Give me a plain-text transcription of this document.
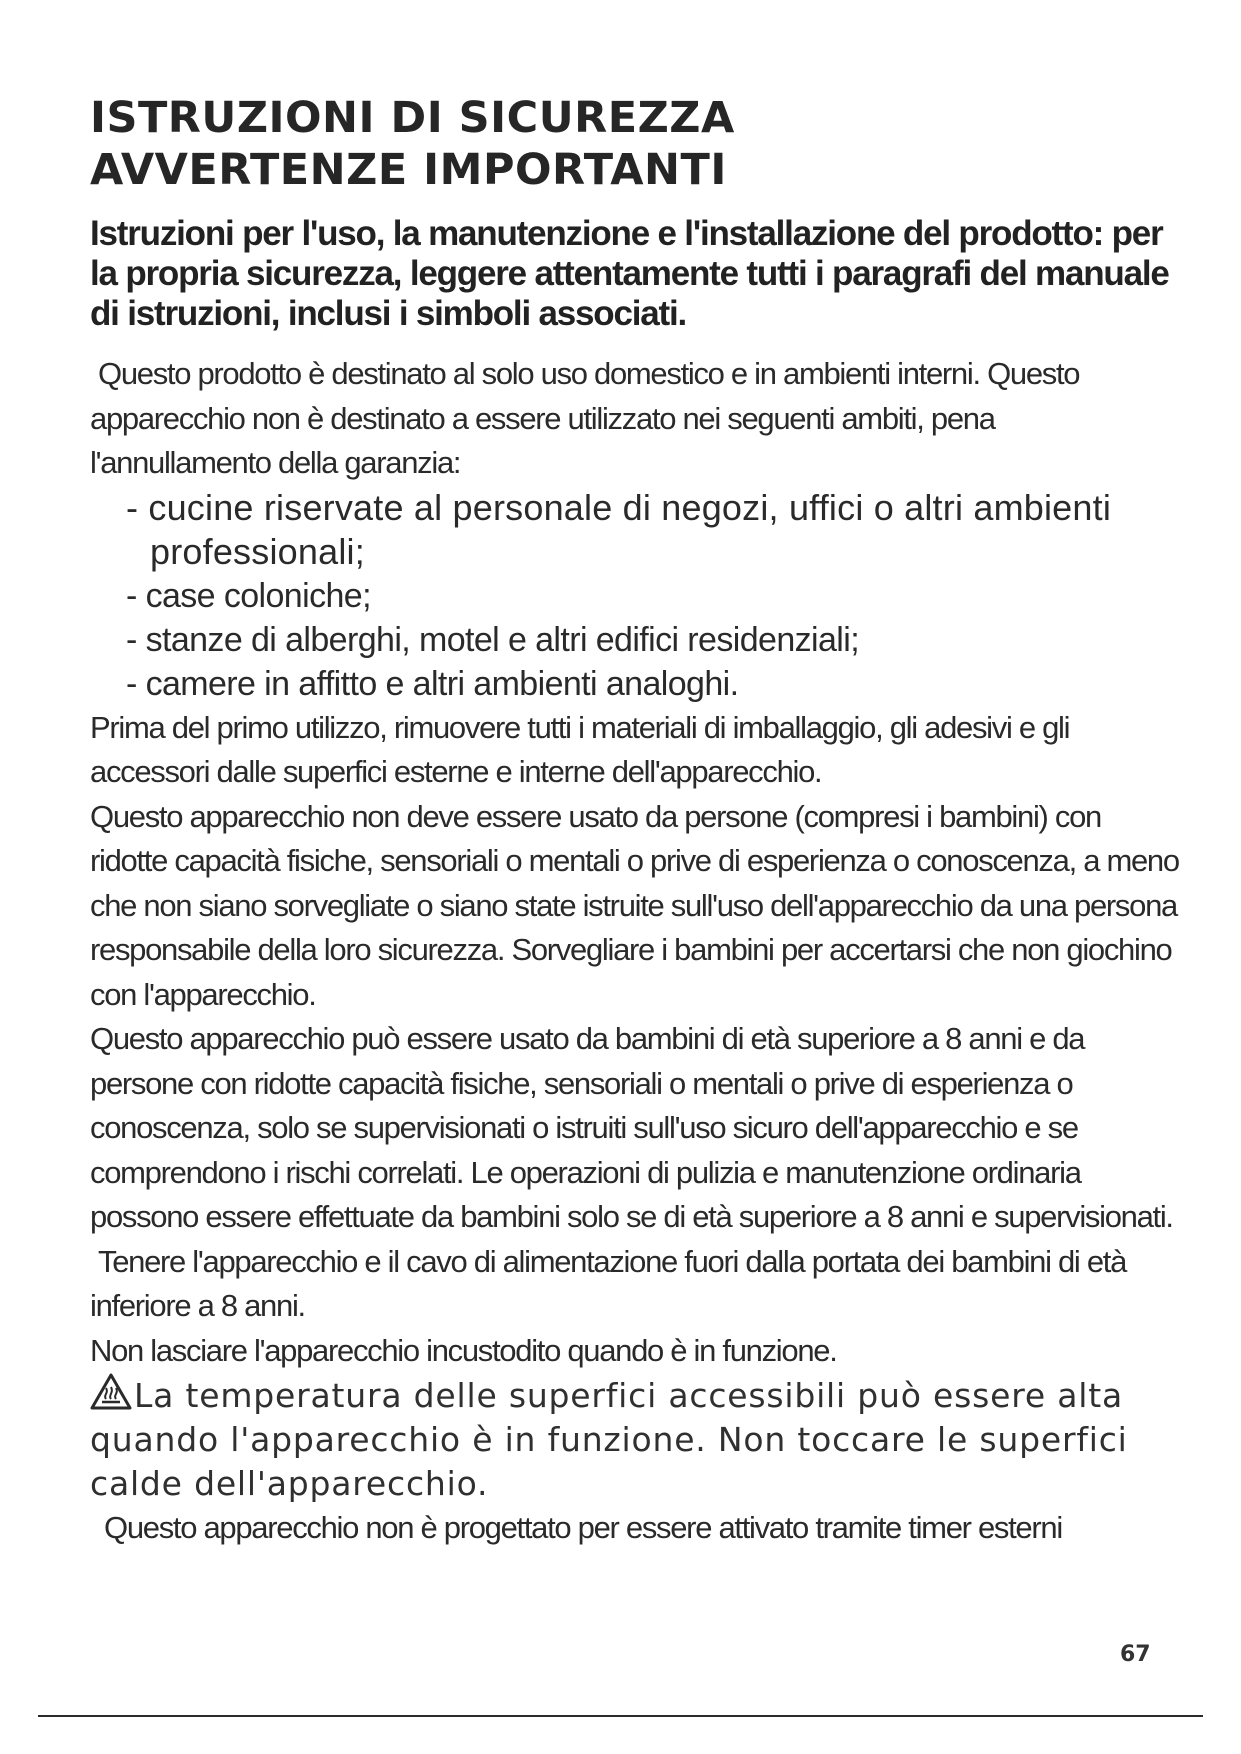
ISTRUZIONI DI SICUREZZA
AVVERTENZE IMPORTANTI

Istruzioni per l'uso, la manutenzione e l'installazione del prodotto: per la propria sicurezza, leggere attentamente tutti i paragrafi del manuale di istruzioni, inclusi i simboli associati.

Questo prodotto è destinato al solo uso domestico e in ambienti interni. Questo apparecchio non è destinato a essere utilizzato nei seguenti ambiti, pena l'annullamento della garanzia:

- cucine riservate al personale di negozi, uffici o altri ambienti
professionali;
- case coloniche;
- stanze di alberghi, motel e altri edifici residenziali;
- camere in affitto e altri ambienti analoghi.

Prima del primo utilizzo, rimuovere tutti i materiali di imballaggio, gli adesivi e gli accessori dalle superfici esterne e interne dell'apparecchio.

Questo apparecchio non deve essere usato da persone (compresi i bambini) con ridotte capacità fisiche, sensoriali o mentali o prive di esperienza o conoscenza, a meno che non siano sorvegliate o siano state istruite sull'uso dell'apparecchio da una persona responsabile della loro sicurezza. Sorvegliare i bambini per accertarsi che non giochino con l'apparecchio.

Questo apparecchio può essere usato da bambini di età superiore a 8 anni e da persone con ridotte capacità fisiche, sensoriali o mentali o prive di esperienza o conoscenza, solo se supervisionati o istruiti sull'uso sicuro dell'apparecchio e se comprendono i rischi correlati. Le operazioni di pulizia e manutenzione ordinaria possono essere effettuate da bambini solo se di età superiore a 8 anni e supervisionati.

Tenere l'apparecchio e il cavo di alimentazione fuori dalla portata dei bambini di età inferiore a 8 anni.

Non lasciare l'apparecchio incustodito quando è in funzione.

La temperatura delle superfici accessibili può essere alta quando l'apparecchio è in funzione. Non toccare le superfici calde dell'apparecchio.

Questo apparecchio non è progettato per essere attivato tramite timer esterni

67
